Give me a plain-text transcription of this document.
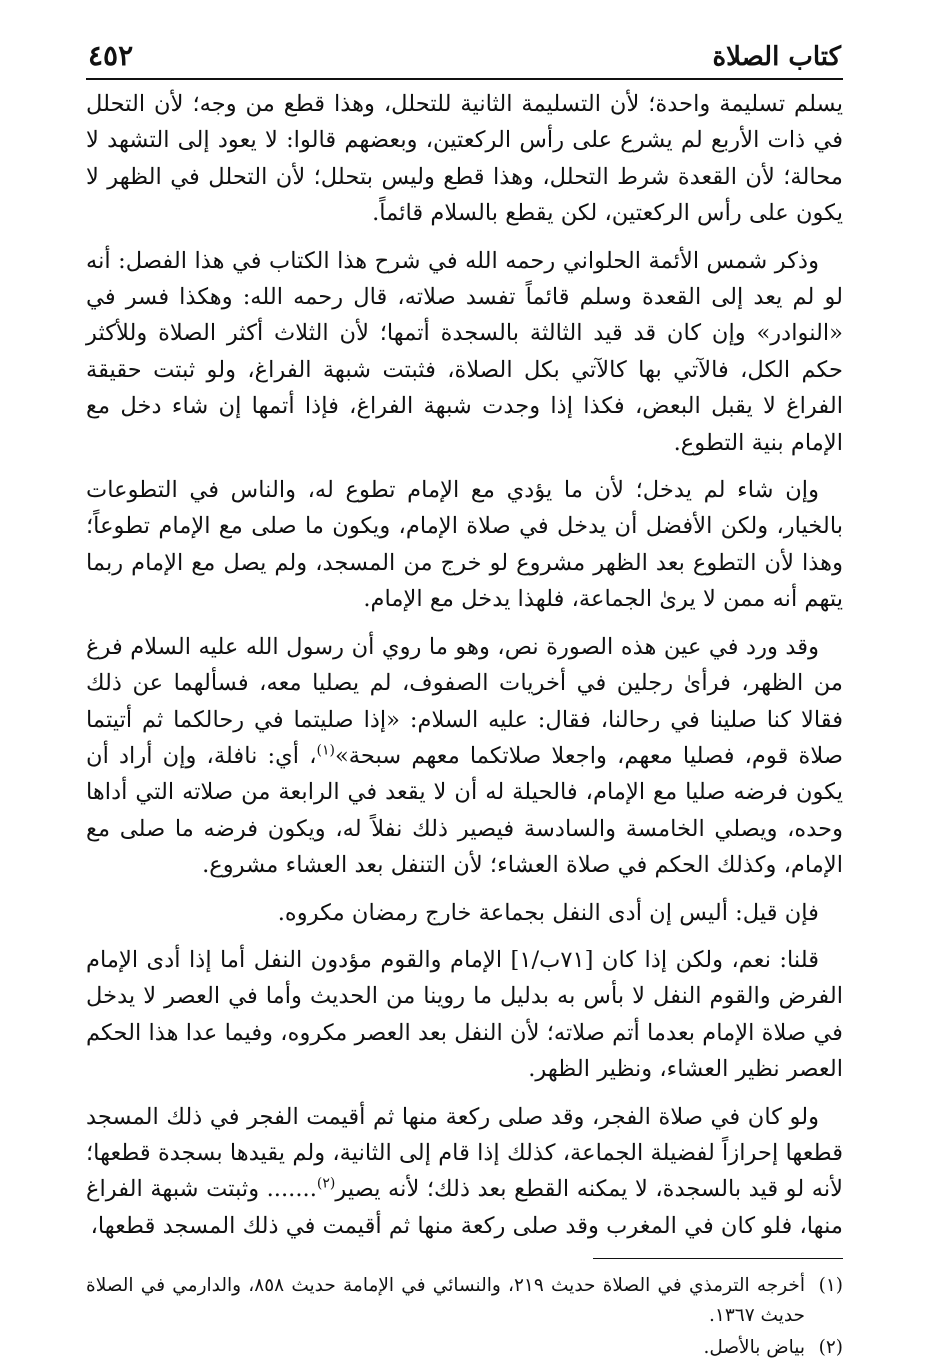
كتاب الصلاة
٤٥٢

يسلم تسليمة واحدة؛ لأن التسليمة الثانية للتحلل، وهذا قطع من وجه؛ لأن التحلل في ذات الأربع لم يشرع على رأس الركعتين، وبعضهم قالوا: لا يعود إلى التشهد لا محالة؛ لأن القعدة شرط التحلل، وهذا قطع وليس بتحلل؛ لأن التحلل في الظهر لا يكون على رأس الركعتين، لكن يقطع بالسلام قائماً.

وذكر شمس الأئمة الحلواني رحمه الله في شرح هذا الكتاب في هذا الفصل: أنه لو لم يعد إلى القعدة وسلم قائماً تفسد صلاته، قال رحمه الله: وهكذا فسر في «النوادر» وإن كان قد قيد الثالثة بالسجدة أتمها؛ لأن الثلاث أكثر الصلاة وللأكثر حكم الكل، فالآتي بها كالآتي بكل الصلاة، فثبتت شبهة الفراغ، ولو ثبتت حقيقة الفراغ لا يقبل البعض، فكذا إذا وجدت شبهة الفراغ، فإذا أتمها إن شاء دخل مع الإمام بنية التطوع.

وإن شاء لم يدخل؛ لأن ما يؤدي مع الإمام تطوع له، والناس في التطوعات بالخيار، ولكن الأفضل أن يدخل في صلاة الإمام، ويكون ما صلى مع الإمام تطوعاً؛ وهذا لأن التطوع بعد الظهر مشروع لو خرج من المسجد، ولم يصل مع الإمام ربما يتهم أنه ممن لا يرىٰ الجماعة، فلهذا يدخل مع الإمام.

وقد ورد في عين هذه الصورة نص، وهو ما روي أن رسول الله عليه السلام فرغ من الظهر، فرأىٰ رجلين في أخريات الصفوف، لم يصليا معه، فسألهما عن ذلك فقالا كنا صلينا في رحالنا، فقال: عليه السلام: «إذا صليتما في رحالكما ثم أتيتما صلاة قوم، فصليا معهم، واجعلا صلاتكما معهم سبحة»$^{(١)}$، أي: نافلة، وإن أراد أن يكون فرضه صليا مع الإمام، فالحيلة له أن لا يقعد في الرابعة من صلاته التي أداها وحده، ويصلي الخامسة والسادسة فيصير ذلك نفلاً له، ويكون فرضه ما صلى مع الإمام، وكذلك الحكم في صلاة العشاء؛ لأن التنفل بعد العشاء مشروع.

فإن قيل: أليس إن أدى النفل بجماعة خارج رمضان مكروه.

قلنا: نعم، ولكن إذا كان [٧١ب/١] الإمام والقوم مؤدون النفل أما إذا أدى الإمام الفرض والقوم النفل لا بأس به بدليل ما روينا من الحديث وأما في العصر لا يدخل في صلاة الإمام بعدما أتم صلاته؛ لأن النفل بعد العصر مكروه، وفيما عدا هذا الحكم العصر نظير العشاء، ونظير الظهر.

ولو كان في صلاة الفجر، وقد صلى ركعة منها ثم أقيمت الفجر في ذلك المسجد قطعها إحرازاً لفضيلة الجماعة، كذلك إذا قام إلى الثانية، ولم يقيدها بسجدة قطعها؛ لأنه لو قيد بالسجدة، لا يمكنه القطع بعد ذلك؛ لأنه يصير$^{(٢)}$....... وثبتت شبهة الفراغ منها، فلو كان في المغرب وقد صلى ركعة منها ثم أقيمت في ذلك المسجد قطعها،

(١)
أخرجه الترمذي في الصلاة حديث ٢١٩، والنسائي في الإمامة حديث ٨٥٨، والدارمي في الصلاة حديث ١٣٦٧.
(٢)
بياض بالأصل.
